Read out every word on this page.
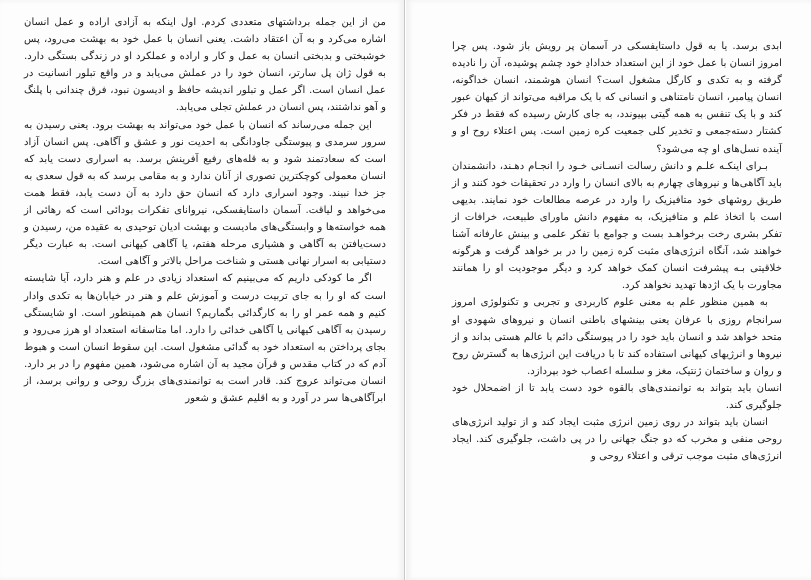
من از این جمله برداشتهای متعددی کردم. اول اینکه به آزادی اراده و عمل انسان اشاره می‌کرد و به آن اعتقاد داشت. یعنی انسان با عمل خود به بهشت می‌رود، پس خوشبختی و بدبختی انسان به عمل و کار و اراده و عملکرد او در زندگی بستگی دارد. به قول ژان پل سارتر، انسان خود را در عملش می‌یابد و در واقع تبلور انسانیت در عمل انسان است. اگر عمل و تبلور اندیشه حافظ و ادیسون نبود، فرق چندانی با پلنگ و آهو نداشتند، پس انسان در عملش تجلی می‌یابد.

این جمله می‌رساند که انسان با عمل خود می‌تواند به بهشت برود. یعنی رسیدن به سرور سرمدی و پیوستگی جاودانگی به احدیت نور و عشق و آگاهی. پس انسان آزاد است که سعادتمند شود و به قله‌های رفیع آفرینش برسد. به اسراری دست یابد که انسان معمولی کوچکترین تصوری از آنان ندارد و به مقامی برسد که به قول سعدی به جز خدا نبیند. وجود اسراری دارد که انسان حق دارد به آن دست یابد، فقط همت می‌خواهد و لیاقت. آسمان داستایفسکی، نیروانای تفکرات بودائی است که رهائی از همه خواسته‌ها و وابستگی‌های مادیست و بهشت ادیان توحیدی به عقیده من، رسیدن و دست‌یافتن به آگاهی و هشیاری مرحله هفتم، یا آگاهی کیهانی است. به عبارت دیگر دستیابی به اسرار نهانی هستی و شناخت مراحل بالاتر و آگاهی است.

اگر ما کودکی داریم که می‌بینیم که استعداد زیادی در علم و هنر دارد، آیا شایسته است که او را به جای تربیت درست و آموزش علم و هنر در خیابان‌ها به تکدی وادار کنیم و همه عمر او را به کارگدائی بگماریم؟ انسان هم همینطور است. او شایستگی رسیدن به آگاهی کیهانی یا آگاهی خدائی را دارد. اما متاسفانه استعداد او هرز می‌رود و بجای پرداختن به استعداد خود به گدائی مشغول است. این سقوط انسان است و هبوط آدم که در کتاب مقدس و قرآن مجید به آن اشاره می‌شود، همین مفهوم را در بر دارد. انسان می‌تواند عروج کند. قادر است به توانمندی‌های بزرگ روحی و روانی برسد، از ابرآگاهی‌ها سر در آورد و به اقلیم عشق و شعور

ابدی برسد. یا به قول داستایفسکی در آسمان پر رویش باز شود. پس چرا امروز انسان با عمل خود از این استعداد خدادادِ خود چشم پوشیده، آن را نادیده گرفته و به تکدی و کارگل مشغول است؟ انسان هوشمند، انسان خداگونه، انسان پیامبر، انسان نامتناهی و انسانی که با یک مراقبه می‌تواند از کیهان عبور کند و با یک تنفس به همه گیتی بپیوندد، به جای کارش رسیده که فقط در فکر کشتار دسته‌جمعی و تخدیر کلی جمعیت کره زمین است. پس اعتلاء روح او و آینده نسل‌های او چه می‌شود؟

بـرای اینکـه علـم و دانش رسالت انسـانی خـود را انجـام دهـند، دانشمندان باید آگاهی‌ها و نیروهای چهارم به بالای انسان را وارد در تحقیقات خود کنند و از طریق روشهای خود متافیزیک را وارد در عرصه مطالعات خود نمایند. بدیهی است با اتخاذ علم و متافیزیک، به مفهوم دانش ماورای طبیعت، خرافات از تفکر بشری رخت برخواهـد بست و جوامع با تفکر علمی و بینش عارفانه آشنا خواهند شد، آنگاه انرژی‌های مثبت کره زمین را در بر خواهد گرفت و هرگونه خلاقیتی بـه پیشرفت انسان کمک خواهد کرد و دیگر موجودیت او را همانند مجاورت با یک اژدها تهدید نخواهد کرد.

به همین منظور علم به معنی علوم کاربردی و تجربی و تکنولوژی امروز سرانجام روزی با عرفان یعنی بینشهای باطنی انسان و نیروهای شهودی او متحد خواهد شد و انسان باید خود را در پیوستگی دائم با عالم هستی بداند و از نیروها و انرژیهای کیهانی استفاده کند تا با دریافت این انرژی‌ها به گسترش روح و روان و ساختمان ژنتیک، مغز و سلسله اعصاب خود بپردازد.

انسان باید بتواند به توانمندی‌های بالقوه خود دست یابد تا از اضمحلال خود جلوگیری کند.

انسان باید بتواند در روی زمین انرژی مثبت ایجاد کند و از تولید انرژی‌های روحی منفی و مخرب که دو جنگ جهانی را در پی داشت، جلوگیری کند. ایجاد انرژی‌های مثبت موجب ترقی و اعتلاء روحی و
